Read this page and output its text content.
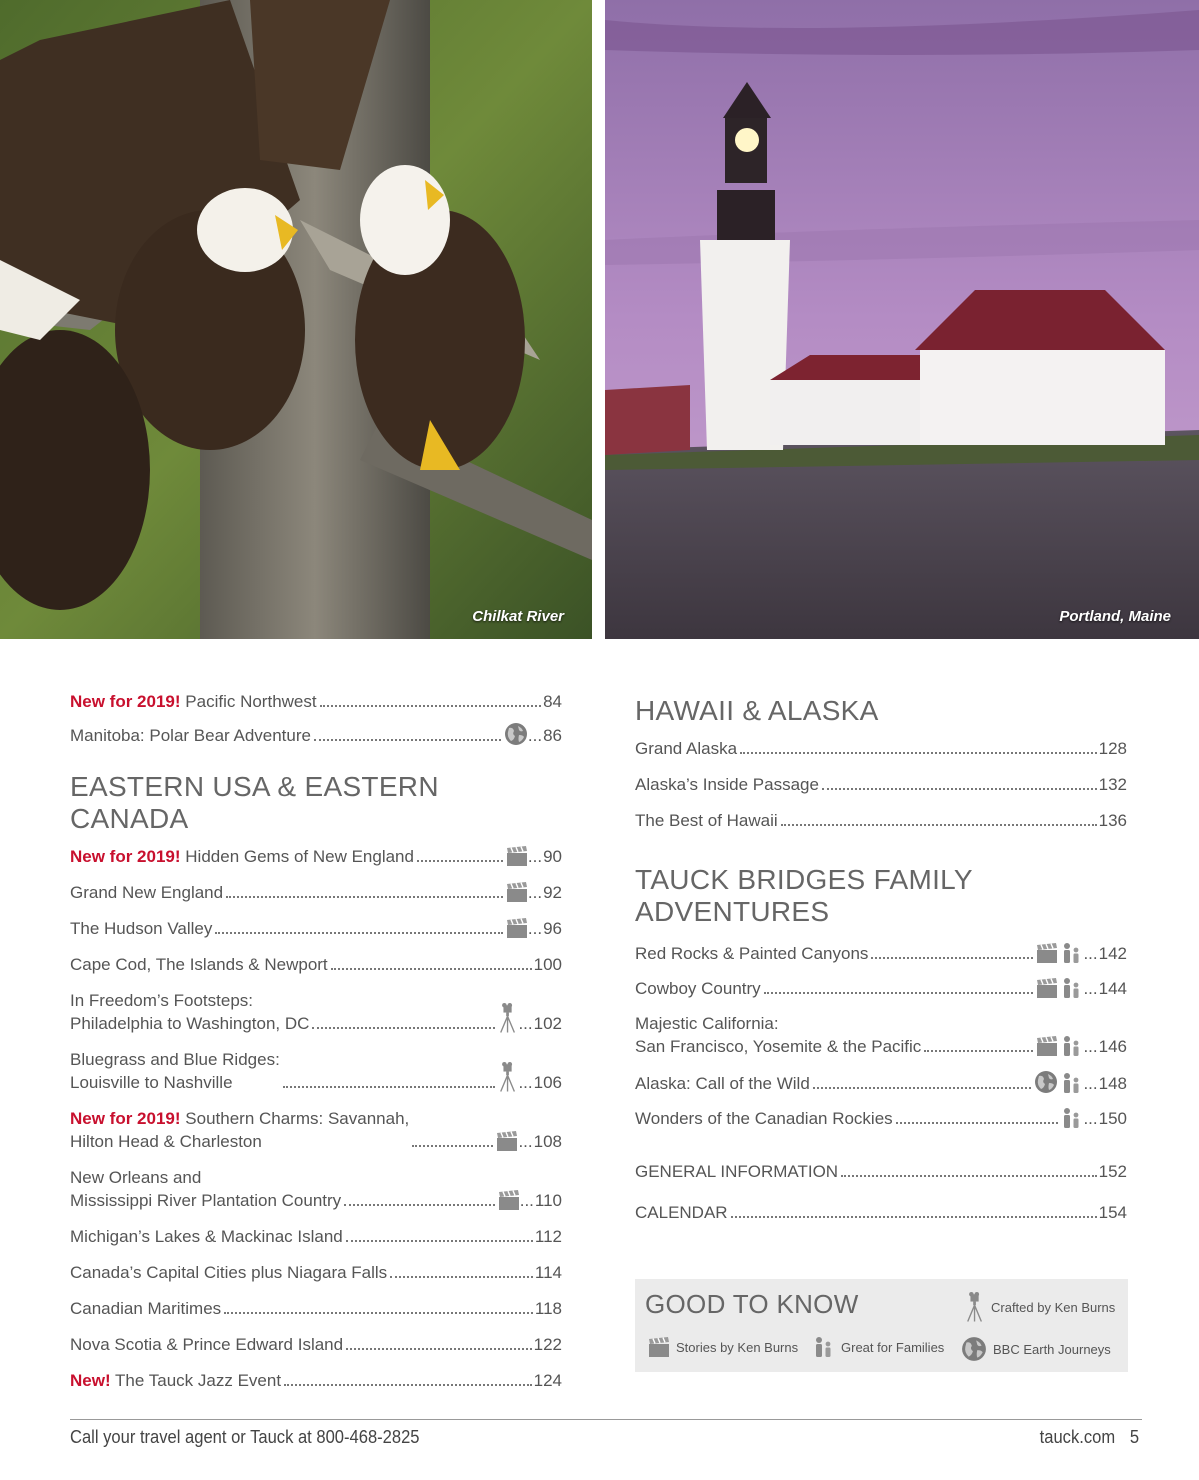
Chilkat River	Portland, Maine
New for 2019! Pacific Northwest	84
Manitoba: Polar Bear Adventure	... 86
EASTERN USA & EASTERN CANADA
New for 2019! Hidden Gems of New England	... 90
Grand New England	... 92
The Hudson Valley	... 96
Cape Cod, The Islands & Newport	100
In Freedom’s Footsteps:
Philadelphia to Washington, DC	... 102
Bluegrass and Blue Ridges:
Louisville to Nashville	... 106
New for 2019! Southern Charms: Savannah,
Hilton Head & Charleston	... 108
New Orleans and
Mississippi River Plantation Country	... 110
Michigan’s Lakes & Mackinac Island	112
Canada’s Capital Cities plus Niagara Falls	114
Canadian Maritimes	118
Nova Scotia & Prince Edward Island	122
New! The Tauck Jazz Event	124
HAWAII & ALASKA
Grand Alaska	128
Alaska’s Inside Passage	132
The Best of Hawaii	136
TAUCK BRIDGES FAMILY ADVENTURES
Red Rocks & Painted Canyons	... 142
Cowboy Country	... 144
Majestic California:
San Francisco, Yosemite & the Pacific	... 146
Alaska: Call of the Wild	... 148
Wonders of the Canadian Rockies	... 150
GENERAL INFORMATION	152
CALENDAR	154
GOOD TO KNOW	Crafted by Ken Burns
Stories by Ken Burns	Great for Families	BBC Earth Journeys
Call your travel agent or Tauck at 800-468-2825	tauck.com 5
